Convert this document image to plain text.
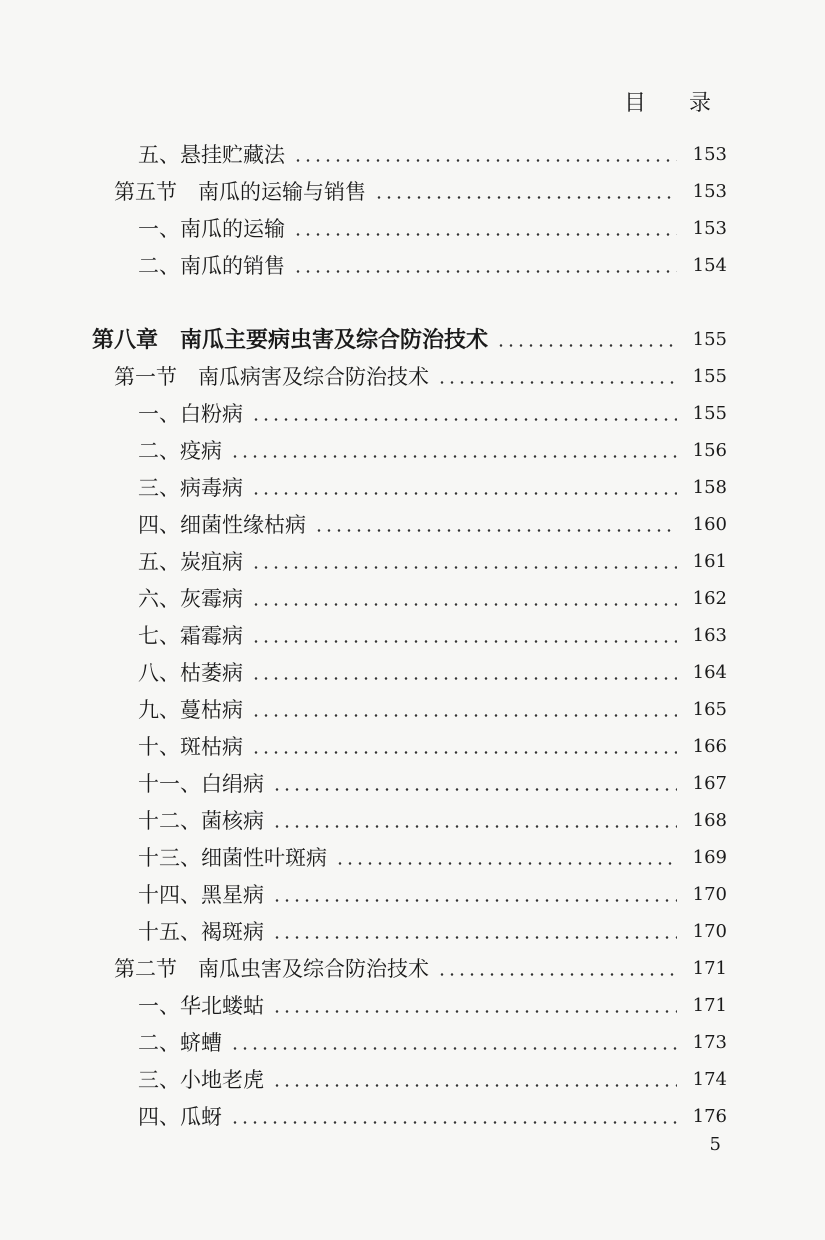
目 录
五、悬挂贮藏法	153
第五节　南瓜的运输与销售	153
一、南瓜的运输	153
二、南瓜的销售	154
第八章　南瓜主要病虫害及综合防治技术	155
第一节　南瓜病害及综合防治技术	155
一、白粉病	155
二、疫病	156
三、病毒病	158
四、细菌性缘枯病	160
五、炭疽病	161
六、灰霉病	162
七、霜霉病	163
八、枯萎病	164
九、蔓枯病	165
十、斑枯病	166
十一、白绢病	167
十二、菌核病	168
十三、细菌性叶斑病	169
十四、黑星病	170
十五、褐斑病	170
第二节　南瓜虫害及综合防治技术	171
一、华北蝼蛄	171
二、蛴螬	173
三、小地老虎	174
四、瓜蚜	176
5
